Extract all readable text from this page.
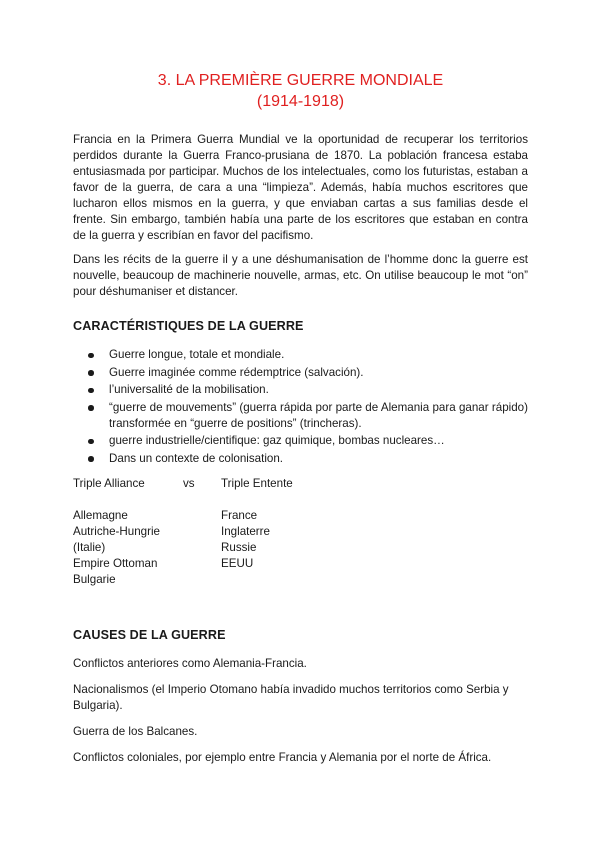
3. LA PREMIÈRE GUERRE MONDIALE
(1914-1918)

Francia en la Primera Guerra Mundial ve la oportunidad de recuperar los territorios perdidos durante la Guerra Franco-prusiana de 1870. La población francesa estaba entusiasmada por participar. Muchos de los intelectuales, como los futuristas, estaban a favor de la guerra, de cara a una “limpieza”. Además, había muchos escritores que lucharon ellos mismos en la guerra, y que enviaban cartas a sus familias desde el frente. Sin embargo, también había una parte de los escritores que estaban en contra de la guerra y escribían en favor del pacifismo.

Dans les récits de la guerre il y a une déshumanisation de l’homme donc la guerre est nouvelle, beaucoup de machinerie nouvelle, armas, etc. On utilise beaucoup le mot “on” pour déshumaniser et distancer.

CARACTÉRISTIQUES DE LA GUERRE
Guerre longue, totale et mondiale.
Guerre imaginée comme rédemptrice (salvación).
l’universalité de la mobilisation.
“guerre de mouvements” (guerra rápida por parte de Alemania para ganar rápido) transformée en “guerre de positions” (trincheras).
guerre industrielle/cientifique: gaz quimique, bombas nucleares…
Dans un contexte de colonisation.
Triple Alliance	vs Triple Entente
Allemagne
Autriche-Hungrie
(Italie)
Empire Ottoman
Bulgarie
France
Inglaterre
Russie
EEUU
CAUSES DE LA GUERRE

Conflictos anteriores como Alemania-Francia.

Nacionalismos (el Imperio Otomano había invadido muchos territorios como Serbia y Bulgaria).

Guerra de los Balcanes.

Conflictos coloniales, por ejemplo entre Francia y Alemania por el norte de África.
